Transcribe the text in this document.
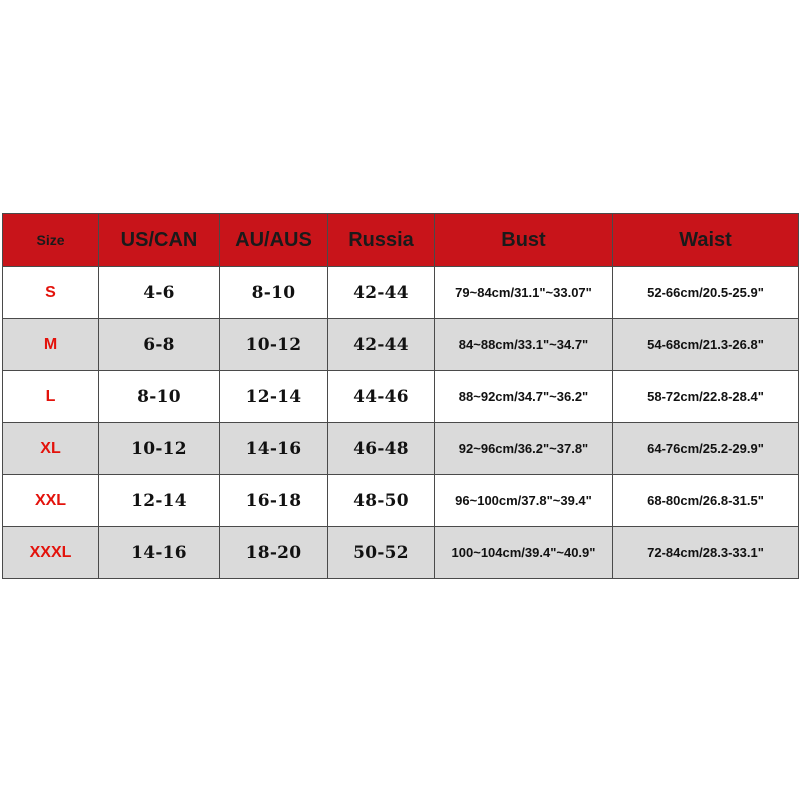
Size	US/CAN	AU/AUS	Russia	Bust	Waist
S	4-6	8-10	42-44	79~84cm/31.1"~33.07"	52-66cm/20.5-25.9"
M	6-8	10-12	42-44	84~88cm/33.1"~34.7"	54-68cm/21.3-26.8"
L	8-10	12-14	44-46	88~92cm/34.7"~36.2"	58-72cm/22.8-28.4"
XL	10-12	14-16	46-48	92~96cm/36.2"~37.8"	64-76cm/25.2-29.9"
XXL	12-14	16-18	48-50	96~100cm/37.8"~39.4"	68-80cm/26.8-31.5"
XXXL	14-16	18-20	50-52	100~104cm/39.4"~40.9"	72-84cm/28.3-33.1"
